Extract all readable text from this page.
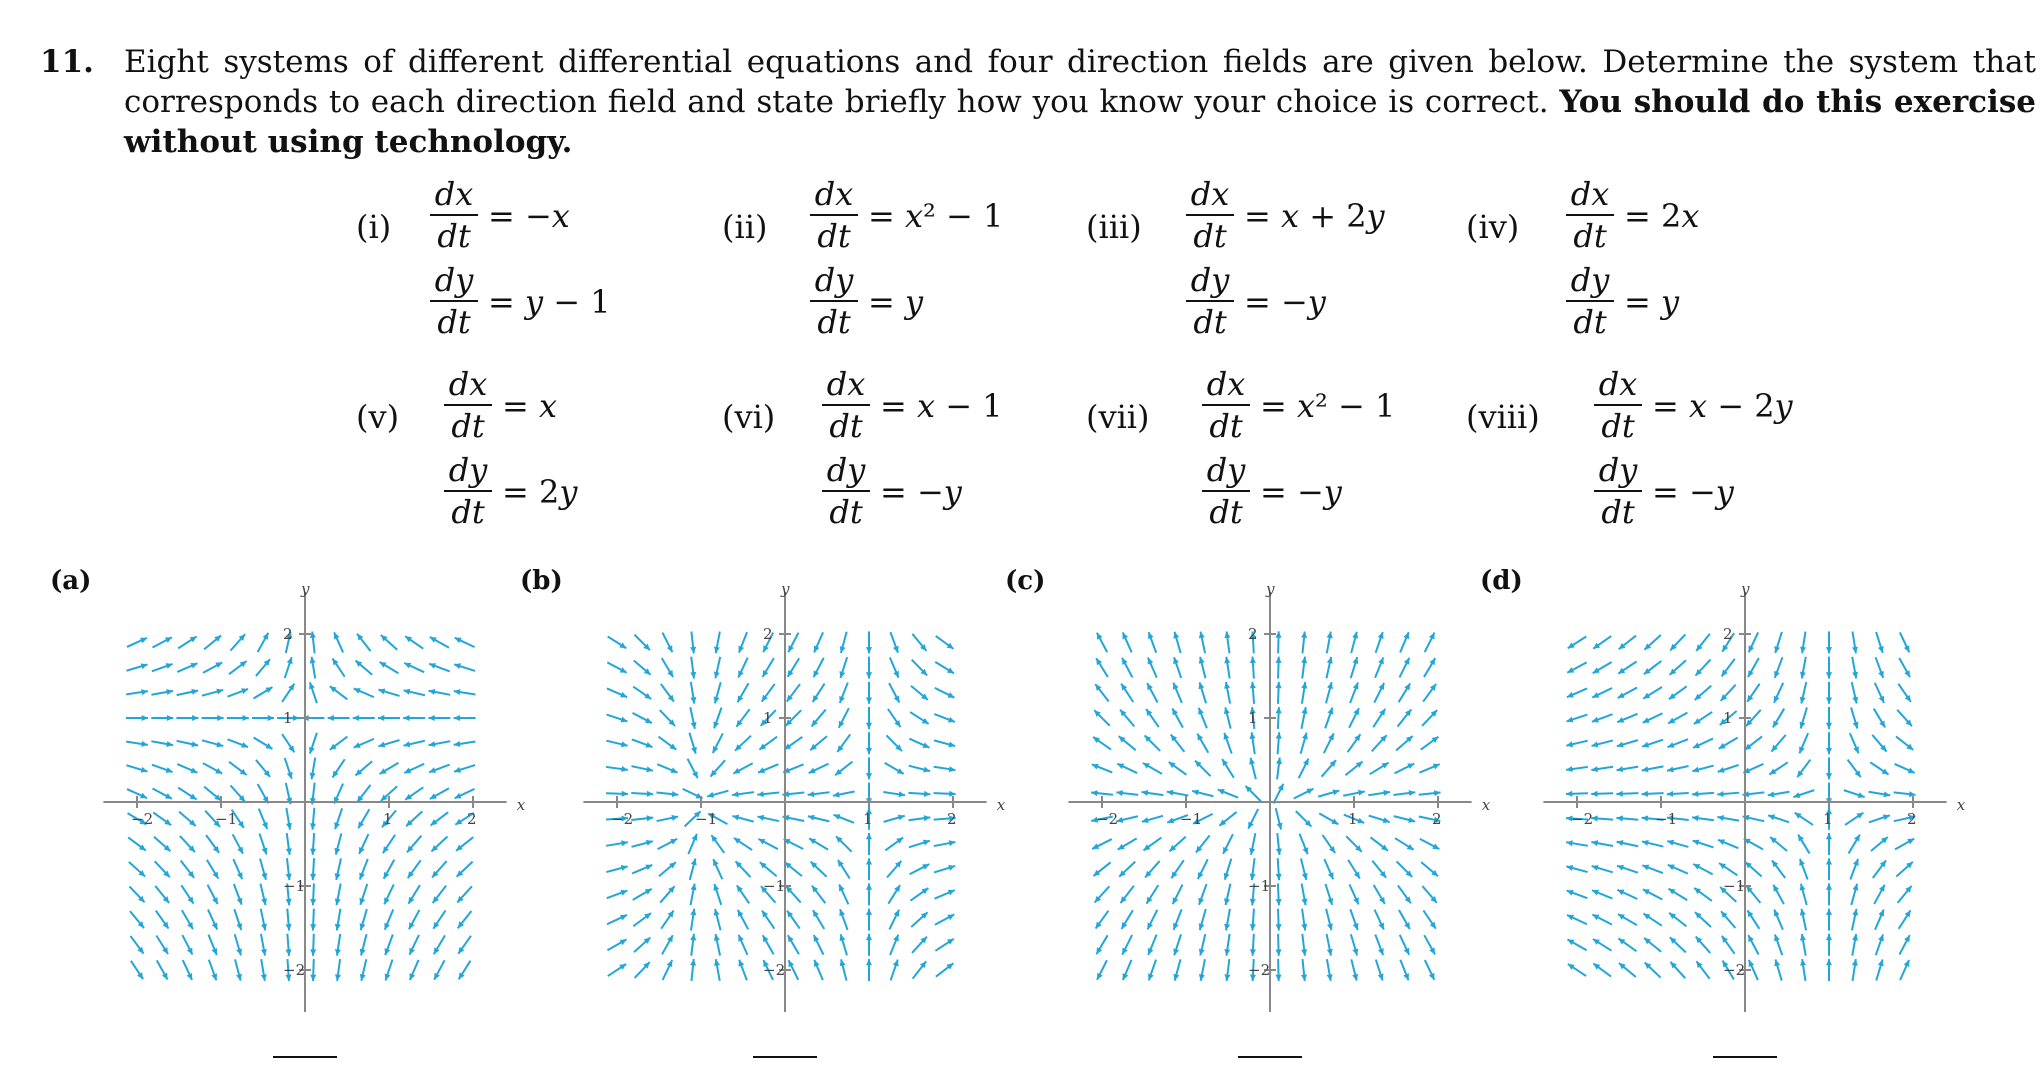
11. Eight systems of different differential equations and four direction fields are given below. Determine the system that corresponds to each direction field and state briefly how you know your choice is correct. You should do this exercise without using technology.
(i)
dx
dt
= −x
dy
dt
= y − 1
(ii)
dx
dt
= x² − 1
dy
dt
= y
(iii)
dx
dt
= x + 2y
dy
dt
= −y
(iv)
dx
dt
= 2x
dy
dt
= y
(v)
dx
dt
= x
dy
dt
= 2y
(vi)
dx
dt
= x − 1
dy
dt
= −y
(vii)
dx
dt
= x² − 1
dy
dt
= −y
(viii)
dx
dt
= x − 2y
dy
dt
= −y
(a)
−2	−1	1	2
2
1
−1
−2
x
y	(b)
−2	−1	1	2
2
1
−1
−2
x
y	(c)
−2	−1	1	2
2
1
−1
−2
x
y	(d)
−2	−1	1	2
2
1
−1
−2
x
y
